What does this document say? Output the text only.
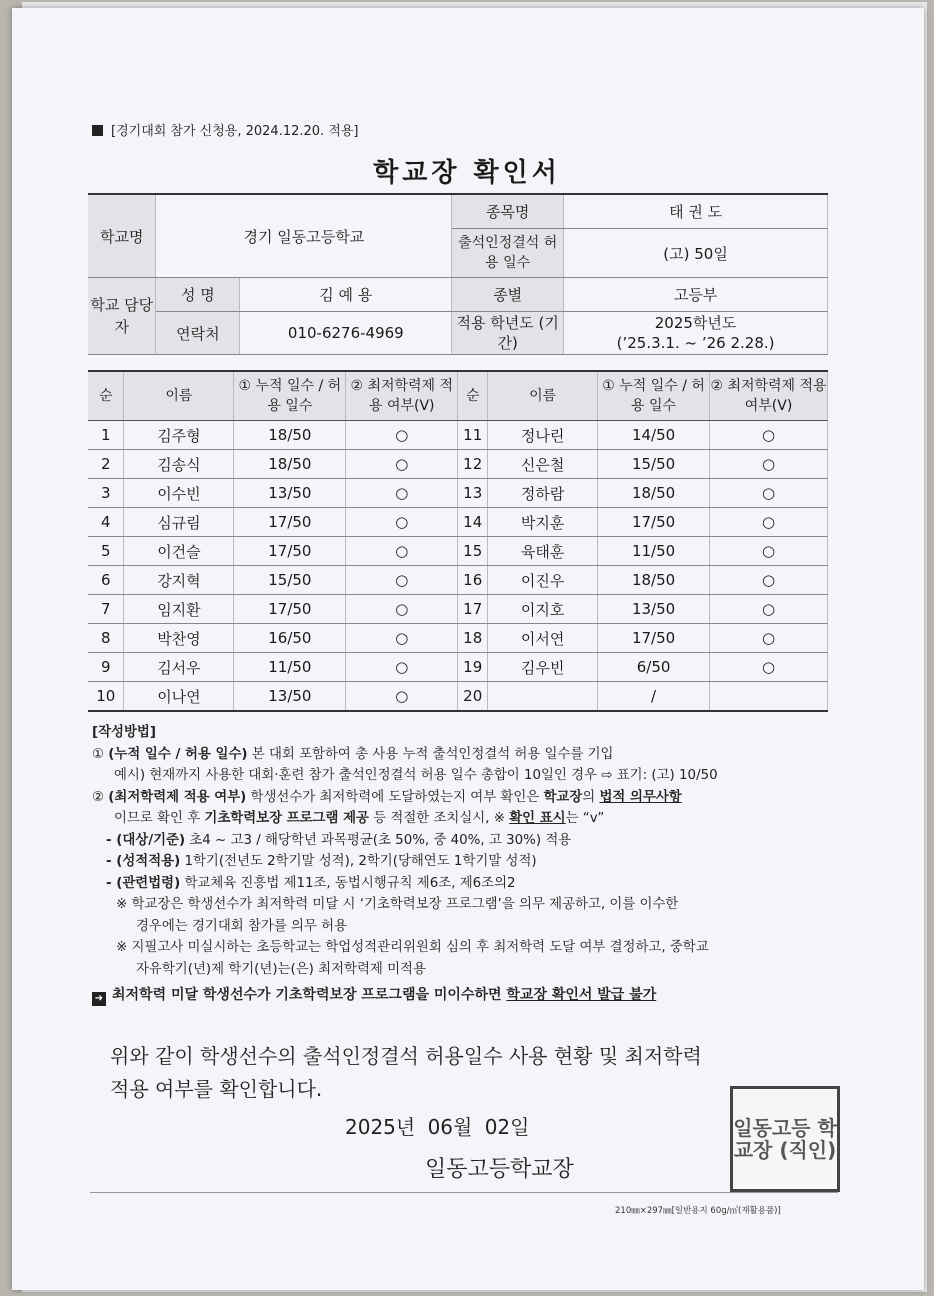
[경기대회 참가 신청용, 2024.12.20. 적용]
학교장 확인서
학교명	경기 일동고등학교		종목명	태 권 도
			출석인정결석 허용 일수	(고) 50일
학교 담당자	성 명	김 예 용	종별	고등부
	연락처	010-6276-4969	적용 학년도 (기간)	2025학년도
(’25.3.1. ~ ’26 2.28.)
순	이름	① 누적 일수 / 허용 일수	② 최저학력제 적용 여부(V)	순	이름	① 누적 일수 / 허용 일수	② 최저학력제 적용 여부(V)
1	김주형	18/50	○	11	정나린	14/50	○
2	김송식	18/50	○	12	신은철	15/50	○
3	이수빈	13/50	○	13	정하람	18/50	○
4	심규림	17/50	○	14	박지훈	17/50	○
5	이건슬	17/50	○	15	육태훈	11/50	○
6	강지혁	15/50	○	16	이진우	18/50	○
7	임지환	17/50	○	17	이지호	13/50	○
8	박찬영	16/50	○	18	이서연	17/50	○
9	김서우	11/50	○	19	김우빈	6/50	○
10	이나연	13/50	○	20		/	
[작성방법]
① (누적 일수 / 허용 일수) 본 대회 포함하여 총 사용 누적 출석인정결석 허용 일수를 기입
예시) 현재까지 사용한 대회·훈련 참가 출석인정결석 허용 일수 총합이 10일인 경우 ⇨ 표기: (고) 10/50
② (최저학력제 적용 여부) 학생선수가 최저학력에 도달하였는지 여부 확인은 학교장의 법적 의무사항
이므로 확인 후 기초학력보장 프로그램 제공 등 적절한 조치실시, ※ 확인 표시는 “v”
- (대상/기준) 초4 ~ 고3 / 해당학년 과목평균(초 50%, 중 40%, 고 30%) 적용
- (성적적용) 1학기(전년도 2학기말 성적), 2학기(당해연도 1학기말 성적)
- (관련법령) 학교체육 진흥법 제11조, 동법시행규칙 제6조, 제6조의2
※ 학교장은 학생선수가 최저학력 미달 시 ‘기초학력보장 프로그램’을 의무 제공하고, 이를 이수한
경우에는 경기대회 참가를 의무 허용
※ 지필고사 미실시하는 초등학교는 학업성적관리위원회 심의 후 최저학력 도달 여부 결정하고, 중학교
자유학기(년)제 학기(년)는(은) 최저학력제 미적용
➜ 최저학력 미달 학생선수가 기초학력보장 프로그램을 미이수하면 학교장 확인서 발급 불가
위와 같이 학생선수의 출석인정결석 허용일수 사용 현황 및 최저학력
적용 여부를 확인합니다.
2025년 06월 02일
일동고등학교장
일동고등 학교장 (직인)
210㎜×297㎜[일반용지 60g/㎡(재활용품)]
